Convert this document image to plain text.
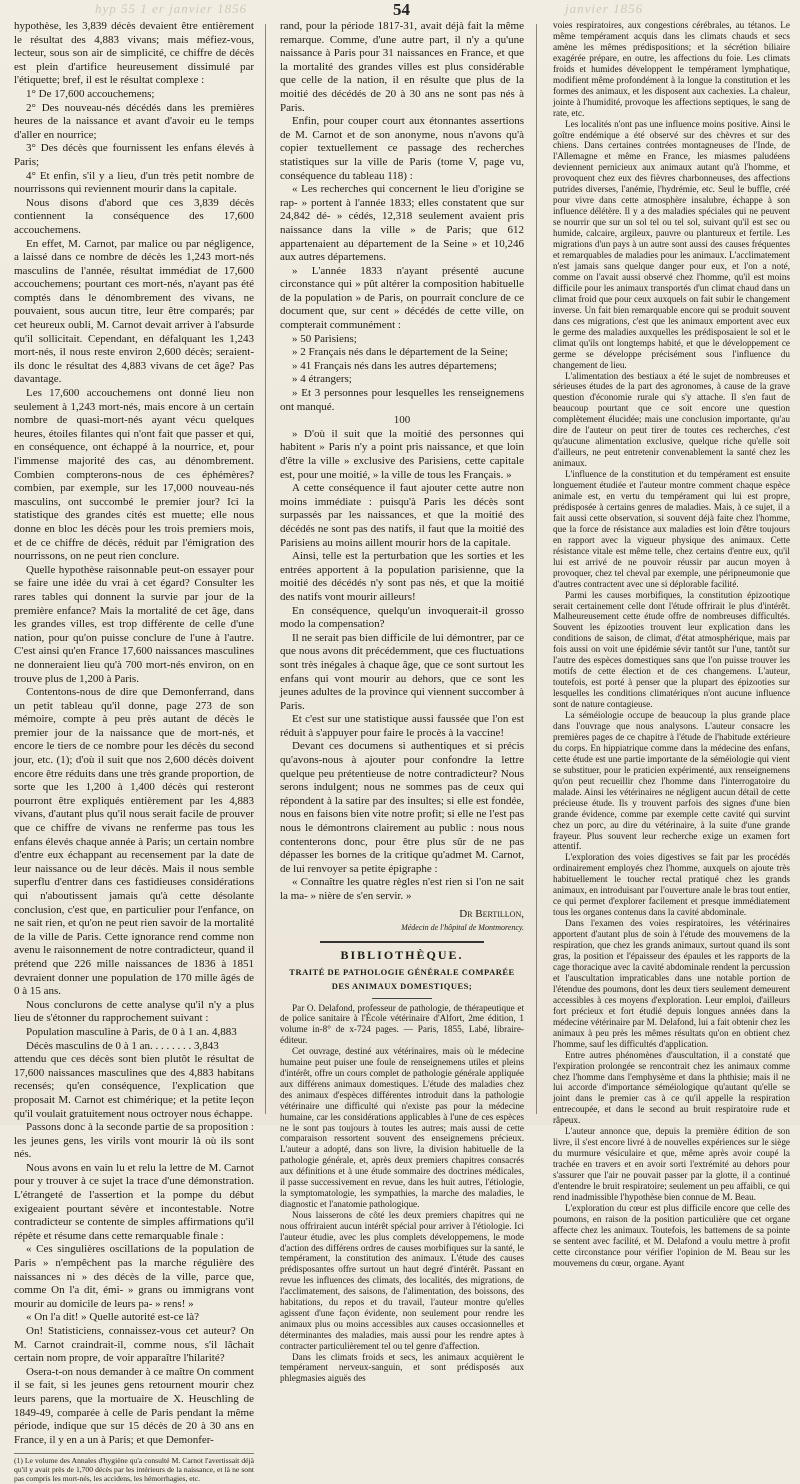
hyp 55 1 er janvier 1856	54	janvier 1856

hypothèse, les 3,839 décès devaient être entièrement le résultat des 4,883 vivans; mais méfiez-vous, lecteur, sous son air de simplicité, ce chiffre de décès est plein d'artifice heureusement dissimulé par l'étiquette; bref, il est le résultat complexe :

1° De 17,600 accouchemens;

2° Des nouveau-nés décédés dans les premières heures de la naissance et avant d'avoir eu le temps d'aller en nourrice;

3° Des décès que fournissent les enfans élevés à Paris;

4° Et enfin, s'il y a lieu, d'un très petit nombre de nourrissons qui reviennent mourir dans la capitale.

Nous disons d'abord que ces 3,839 décès contiennent la conséquence des 17,600 accouchemens.

En effet, M. Carnot, par malice ou par négligence, a laissé dans ce nombre de décès les 1,243 mort-nés masculins de l'année, résultat immédiat de 17,600 accouchemens; pourtant ces mort-nés, n'ayant pas été comptés dans le dénombrement des vivans, ne pouvaient, sous aucun titre, leur être comparés; par cet heureux oubli, M. Carnot devait arriver à l'absurde qu'il sollicitait. Cependant, en défalquant les 1,243 mort-nés, il nous reste environ 2,600 décès; seraient-ils donc le résultat des 4,883 vivans de cet âge? Pas davantage.

Les 17,600 accouchemens ont donné lieu non seulement à 1,243 mort-nés, mais encore à un certain nombre de quasi-mort-nés ayant vécu quelques heures, étoiles filantes qui n'ont fait que passer et qui, en conséquence, ont échappé à la nourrice, et, pour l'immense majorité des cas, au dénombrement. Combien compterons-nous de ces éphémères? combien, par exemple, sur les 17,000 nouveau-nés masculins, ont succombé le premier jour? Ici la statistique des grandes cités est muette; elle nous donne en bloc les décès pour les trois premiers mois, et de ce chiffre de décès, réduit par l'émigration des nourrissons, on ne peut rien conclure.

Quelle hypothèse raisonnable peut-on essayer pour se faire une idée du vrai à cet égard? Consulter les rares tables qui donnent la survie par jour de la première enfance? Mais la mortalité de cet âge, dans les grandes villes, est trop différente de celle d'une nation, pour qu'on puisse conclure de l'une à l'autre. C'est ainsi qu'en France 17,600 naissances masculines ne donneraient lieu qu'à 700 mort-nés environ, on en trouve plus de 1,200 à Paris.

Contentons-nous de dire que Demonferrand, dans un petit tableau qu'il donne, page 273 de son mémoire, compte à peu près autant de décès le premier jour de la naissance que de mort-nés, et encore le tiers de ce nombre pour les décès du second jour, etc. (1); d'où il suit que nos 2,600 décès doivent encore être réduits dans une très grande proportion, de sorte que les 1,200 à 1,400 décès qui resteront pourront être expliqués entièrement par les 4,883 vivans, d'autant plus qu'il nous serait facile de prouver que ce chiffre de vivans ne renferme pas tous les enfans élevés chaque année à Paris; un certain nombre d'entre eux échappant au recensement par la date de leur naissance ou de leur décès. Mais il nous semble superflu d'entrer dans ces fastidieuses considérations qui n'aboutissent jamais qu'à cette désolante conclusion, c'est que, en particulier pour l'enfance, on ne sait rien, et qu'on ne peut rien savoir de la mortalité de la ville de Paris. Cette ignorance rend comme non avenu le raisonnement de notre contradicteur, quand il prétend que 226 mille naissances de 1836 à 1851 devraient donner une population de 170 mille âgés de 0 à 15 ans.

Nous conclurons de cette analyse qu'il n'y a plus lieu de s'étonner du rapprochement suivant :

Population masculine à Paris, de 0 à 1 an. 4,883

Décès masculins de 0 à 1 an. . . . . . . . 3,843

attendu que ces décès sont bien plutôt le résultat de 17,600 naissances masculines que des 4,883 habitans recensés; qu'en conséquence, l'explication que proposait M. Carnot est chimérique; et la petite leçon qu'il voulait gratuitement nous octroyer nous échappe.

Passons donc à la seconde partie de sa proposition : les jeunes gens, les virils vont mourir là où ils sont nés.

Nous avons en vain lu et relu la lettre de M. Carnot pour y trouver à ce sujet la trace d'une démonstration. L'étrangeté de l'assertion et la pompe du début exigeaient pourtant sévère et incontestable. Notre contradicteur se contente de simples affirmations qu'il répète et résume dans cette remarquable finale :

« Ces singulières oscillations de la population de Paris » n'empêchent pas la marche régulière des naissances ni » des décès de la ville, parce que, comme On l'a dit, émi- » grans ou immigrans vont mourir au domicile de leurs pa- » rens! »

« On l'a dit! » Quelle autorité est-ce là?

On! Statisticiens, connaissez-vous cet auteur? On M. Carnot craindrait-il, comme nous, s'il lâchait certain nom propre, de voir apparaître l'hilarité?

Osera-t-on nous demander à ce maître On comment il se fait, si les jeunes gens retournent mourir chez leurs parens, que la mortuaire de X. Heuschling de 1849-49, comparée à celle de Paris pendant la même période, indique que sur 15 décès de 20 à 30 ans en France, il y en a un à Paris; et que Demonfer-

(1) Le volume des Annales d'hygiène qu'a consulté M. Carnot l'avertissait déjà qu'il y avait près de 1,700 décès par les intérieurs de la naissance, et là ne sont pas compris les mort-nés, les accidens, les hémorrhagies, etc.

rand, pour la période 1817-31, avait déjà fait la même remarque. Comme, d'une autre part, il n'y a qu'une naissance à Paris pour 31 naissances en France, et que la mortalité des grandes villes est plus considérable que celle de la nation, il en résulte que plus de la moitié des décédés de 20 à 30 ans ne sont pas nés à Paris.

Enfin, pour couper court aux étonnantes assertions de M. Carnot et de son anonyme, nous n'avons qu'à copier textuellement ce passage des recherches statistiques sur la ville de Paris (tome V, page vu, conséquence du tableau 118) :

« Les recherches qui concernent le lieu d'origine se rap- » portent à l'année 1833; elles constatent que sur 24,842 dé- » cédés, 12,318 seulement avaient pris naissance dans la ville » de Paris; que 612 appartenaient au département de la Seine » et 10,246 aux autres départemens.

» L'année 1833 n'ayant présenté aucune circonstance qui » pût altérer la composition habituelle de la population » de Paris, on pourrait conclure de ce document que, sur cent » décédés de cette ville, on compterait communément :

» 50 Parisiens;

» 2 Français nés dans le département de la Seine;

» 41 Français nés dans les autres départemens;

» 4 étrangers;

» Et 3 personnes pour lesquelles les renseignemens ont manqué.

100

» D'où il suit que la moitié des personnes qui habitent » Paris n'y a point pris naissance, et que loin d'être la ville » exclusive des Parisiens, cette capitale est, pour une moitié, » la ville de tous les Français. »

A cette conséquence il faut ajouter cette autre non moins immédiate : puisqu'à Paris les décès sont surpassés par les naissances, et que la moitié des décédés ne sont pas des natifs, il faut que la moitié des Parisiens au moins aillent mourir hors de la capitale.

Ainsi, telle est la perturbation que les sorties et les entrées apportent à la population parisienne, que la moitié des décédés n'y sont pas nés, et que la moitié des natifs vont mourir ailleurs!

En conséquence, quelqu'un invoquerait-il grosso modo la compensation?

Il ne serait pas bien difficile de lui démontrer, par ce que nous avons dit précédemment, que ces fluctuations sont très inégales à chaque âge, que ce sont surtout les enfans qui vont mourir au dehors, que ce sont les jeunes adultes de la province qui viennent succomber à Paris.

Et c'est sur une statistique aussi faussée que l'on est réduit à s'appuyer pour faire le procès à la vaccine!

Devant ces documens si authentiques et si précis qu'avons-nous à ajouter pour confondre la lettre quelque peu prétentieuse de notre contradicteur? Nous serons indulgent; nous ne sommes pas de ceux qui répondent à la satire par des insultes; si elle est fondée, nous en faisons bien vite notre profit; si elle ne l'est pas nous le démontrons clairement au public : nous nous contenterons donc, pour être plus sûr de ne pas dépasser les bornes de la critique qu'admet M. Carnot, de lui renvoyer sa petite épigraphe :

« Connaître les quatre règles n'est rien si l'on ne sait la ma- » nière de s'en servir. »

Dr Bertillon,
Médecin de l'hôpital de Montmorency.
BIBLIOTHÈQUE.
TRAITÉ DE PATHOLOGIE GÉNÉRALE COMPARÉE DES ANIMAUX DOMESTIQUES;

Par O. Delafond, professeur de pathologie, de thérapeutique et de police sanitaire à l'École vétérinaire d'Alfort, 2me édition, 1 volume in-8° de x-724 pages. — Paris, 1855, Labé, libraire-éditeur.

Cet ouvrage, destiné aux vétérinaires, mais où le médecine humaine peut puiser une foule de renseignemens utiles et pleins d'intérêt, offre un cours complet de pathologie générale appliquée aux différens animaux domestiques. L'étude des maladies chez des animaux d'espèces différentes introduit dans la pathologie vétérinaire une difficulté qui n'existe pas pour la médecine humaine, car les considérations applicables à l'une de ces espèces ne le sont pas toujours à toutes les autres; mais aussi de cette comparaison ressortent souvent des enseignemens précieux. L'auteur a adopté, dans son livre, la division habituelle de la pathologie générale, et, après deux premiers chapitres consacrés aux définitions et à une étude sommaire des doctrines médicales, il passe successivement en revue, dans les huit autres, l'étiologie, la symptomatologie, les sympathies, la marche des maladies, le diagnostic et l'anatomie pathologique.

Nous laisserons de côté les deux premiers chapitres qui ne nous offriraient aucun intérêt spécial pour arriver à l'étiologie. Ici l'auteur étudie, avec les plus complets développemens, le mode d'action des différens ordres de causes morbifiques sur la santé, le tempérament, la constitution des animaux. L'étude des causes prédisposantes offre surtout un haut degré d'intérêt. Passant en revue les influences des climats, des localités, des migrations, de l'acclimatement, des saisons, de l'alimentation, des boissons, des habitations, du repos et du travail, l'auteur montre qu'elles agissent d'une façon évidente, non seulement pour rendre les animaux plus ou moins accessibles aux causes occasionnelles et déterminantes des maladies, mais aussi pour les rendre aptes à contracter particulièrement tel ou tel genre d'affection.

Dans les climats froids et secs, les animaux acquièrent le tempérament nerveux-sanguin, et sont prédisposés aux phlegmasies aiguës des

voies respiratoires, aux congestions cérébrales, au tétanos. Le même tempérament acquis dans les climats chauds et secs amène les mêmes prédispositions; et la sécrétion biliaire exagérée prépare, en outre, les affections du foie. Les climats froids et humides développent le tempérament lymphatique, modifient même profondément à la longue la constitution et les formes des animaux, et les disposent aux cachexies. La chaleur, jointe à l'humidité, provoque les affections septiques, le sang de rate, etc.

Les localités n'ont pas une influence moins positive. Ainsi le goître endémique a été observé sur des chèvres et sur des chiens. Dans certaines contrées montagneuses de l'Inde, de l'Allemagne et même en France, les miasmes paludéens deviennent pernicieux aux animaux autant qu'à l'homme, et provoquent chez eux des fièvres charbonneuses, des affections putrides diverses, l'anémie, l'hydrémie, etc. Seul le buffle, créé pour vivre dans cette atmosphère insalubre, échappe à son influence délétère. Il y a des maladies spéciales qui ne peuvent se nourrir que sur un sol tel ou tel sol, suivant qu'il est sec ou humide, calcaire, argileux, pauvre ou plantureux et fertile. Les migrations d'un pays à un autre sont aussi des causes fréquentes et remarquables de maladies pour les animaux. L'acclimatement n'est jamais sans quelque danger pour eux, et l'on a noté, comme on l'avait aussi observé chez l'homme, qu'il est moins difficile pour les animaux transportés d'un climat chaud dans un climat froid que pour ceux auxquels on fait subir le changement inverse. Un fait bien remarquable encore qui se produit souvent dans ces migrations, c'est que les animaux emportent avec eux le germe des maladies auxquelles les prédisposaient le sol et le climat qu'ils ont longtemps habité, et que le développement ce germe se développe précisément sous l'influence du changement de lieu.

L'alimentation des bestiaux a été le sujet de nombreuses et sérieuses études de la part des agronomes, à cause de la grave question d'économie rurale qui s'y attache. Il s'en faut de beaucoup pourtant que ce soit encore une question complètement élucidée; mais une conclusion importante, qu'au dire de l'auteur on peut tirer de toutes ces recherches, c'est qu'aucune alimentation exclusive, quelque riche qu'elle soit d'ailleurs, ne peut entretenir convenablement la santé chez les animaux.

L'influence de la constitution et du tempérament est ensuite longuement étudiée et l'auteur montre comment chaque espèce animale est, en vertu du tempérament qui lui est propre, prédisposée à certains genres de maladies. Mais, à ce sujet, il a fait aussi cette observation, si souvent déjà faite chez l'homme, que la force de résistance aux maladies est loin d'être toujours en rapport avec la vigueur physique des animaux. Cette résistance vitale est même telle, chez certains d'entre eux, qu'il lui est arrivé de ne pouvoir réussir par aucun moyen à provoquer, chez tel cheval par exemple, une péripneumonie que d'autres contractent avec une si déplorable facilité.

Parmi les causes morbifiques, la constitution épizootique serait certainement celle dont l'étude offrirait le plus d'intérêt. Malheureusement cette étude offre de nombreuses difficultés. Souvent les épizooties trouvent leur explication dans les conditions de saison, de climat, d'état atmosphérique, mais par fois aussi on voit une épidémie sévir tantôt sur l'une, tantôt sur l'autre des espèces domestiques sans que l'on puisse trouver les motifs de cette élection et de ces changemens. L'auteur, toutefois, est porté à penser que la plupart des épizooties sur lesquelles les conditions climatériques n'ont aucune influence sont de nature contagieuse.

La séméiologie occupe de beaucoup la plus grande place dans l'ouvrage que nous analysons. L'auteur consacre les premières pages de ce chapitre à l'étude de l'habitude extérieure du corps. En hippiatrique comme dans la médecine des enfans, cette étude est une partie importante de la séméiologie qui vient se substituer, pour le praticien expérimenté, aux renseignemens qu'on peut recueillir chez l'homme dans l'interrogatoire du malade. Ainsi les vétérinaires ne négligent aucun détail de cette précieuse étude. Ils y trouvent parfois des signes d'une bien grande évidence, comme par exemple cette cavité qui survint chez un porc, au dire du vétérinaire, à la suite d'une grande frayeur. Plus souvent leur recherche exige un examen fort attentif.

L'exploration des voies digestives se fait par les procédés ordinairement employés chez l'homme, auxquels on ajoute très habituellement le toucher rectal pratiqué chez les grands animaux, en introduisant par l'ouverture anale le bras tout entier, ce qui permet d'explorer facilement et presque immédiatement tous les organes contenus dans la cavité abdominale.

Dans l'examen des voies respiratoires, les vétérinaires apportent d'autant plus de soin à l'étude des mouvemens de la respiration, que chez les grands animaux, surtout quand ils sont gras, la position et l'épaisseur des épaules et les rapports de la cage thoracique avec la cavité abdominale rendent la percussion et l'auscultation impraticables dans une notable portion de l'étendue des poumons, dont les deux tiers seulement demeurent accessibles à ces moyens d'exploration. Leur emploi, d'ailleurs fort précieux et fort étudié depuis longues années dans la médecine vétérinaire par M. Delafond, lui a fait obtenir chez les animaux à peu près les mêmes résultats qu'on en obtient chez l'homme, sauf les difficultés d'application.

Entre autres phénomènes d'auscultation, il a constaté que l'expiration prolongée se rencontrait chez les animaux comme chez l'homme dans l'emphysème et dans la phthisie; mais il ne lui accorde d'importance séméiologique qu'autant qu'elle se joint dans le premier cas à ce qu'il appelle la respiration entrecoupée, et dans le second au bruit respiratoire rude et râpeux.

L'auteur annonce que, depuis la première édition de son livre, il s'est encore livré à de nouvelles expériences sur le siège du murmure vésiculaire et que, même après avoir coupé la trachée en travers et en avoir sorti l'extrémité au dehors pour s'assurer que l'air ne pouvait passer par la glotte, il a continué d'entendre le bruit respiratoire; seulement un peu affaibli, ce qui rend inadmissible l'hypothèse bien connue de M. Beau.

L'exploration du cœur est plus difficile encore que celle des poumons, en raison de la position particulière que cet organe affecte chez les animaux. Toutefois, les battemens de sa pointe se sentent avec facilité, et M. Delafond a voulu mettre à profit cette circonstance pour vérifier l'opinion de M. Beau sur les mouvemens du cœur, organe. Ayant
